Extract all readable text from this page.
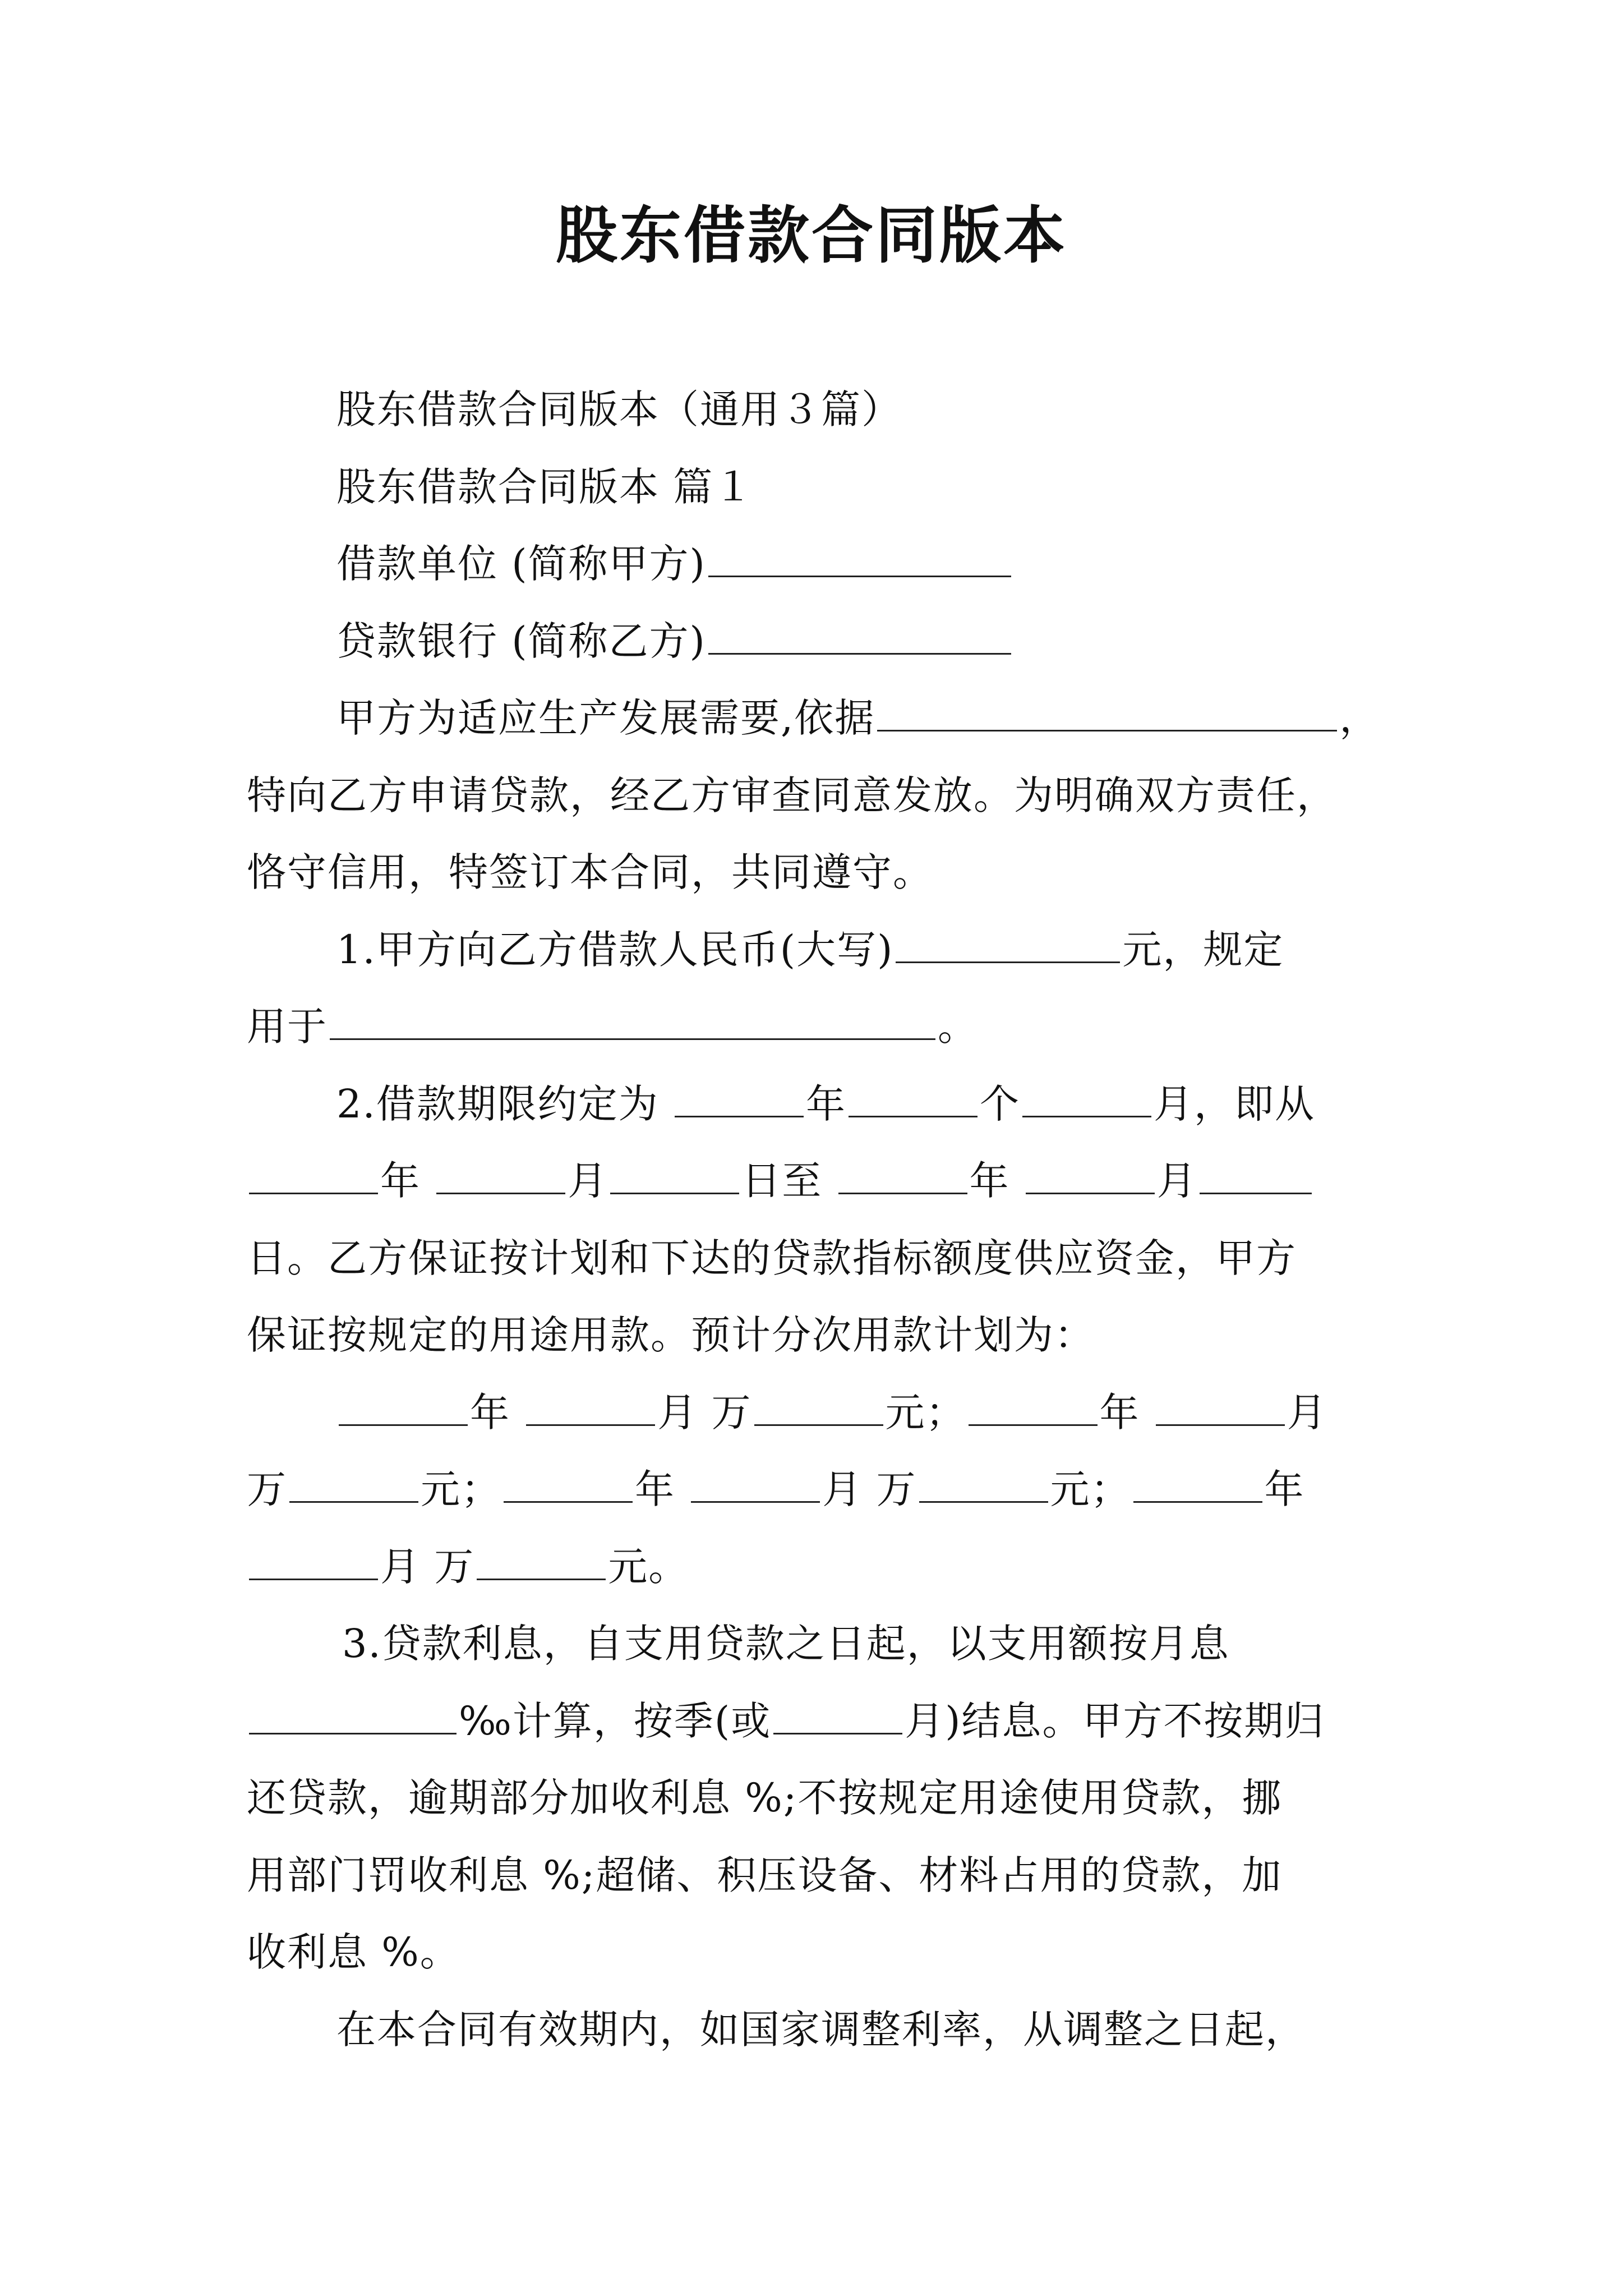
股东借款合同版本
股东借款合同版本（通用３篇）
股东借款合同版本 篇１
借款单位 (简称甲方)
贷款银行 (简称乙方)
甲方为适应生产发展需要,依据	，
特向乙方申请贷款，经乙方审查同意发放。为明确双方责任，
恪守信用，特签订本合同，共同遵守。
1.甲方向乙方借款人民币(大写)	元，规定
用于	。
2.借款期限约定为	年	个	月，即从
年	月	日至	年	月
日。乙方保证按计划和下达的贷款指标额度供应资金，甲方
保证按规定的用途用款。预计分次用款计划为：
年	月 万	元；	年	月
万	元；	年	月 万	元；	年
月 万	元。
3.贷款利息，自支用贷款之日起，以支用额按月息
‰计算，按季(或	月)结息。甲方不按期归
还贷款，逾期部分加收利息 %;不按规定用途使用贷款，挪
用部门罚收利息 %;超储、积压设备、材料占用的贷款，加
收利息 %。
在本合同有效期内，如国家调整利率，从调整之日起，
